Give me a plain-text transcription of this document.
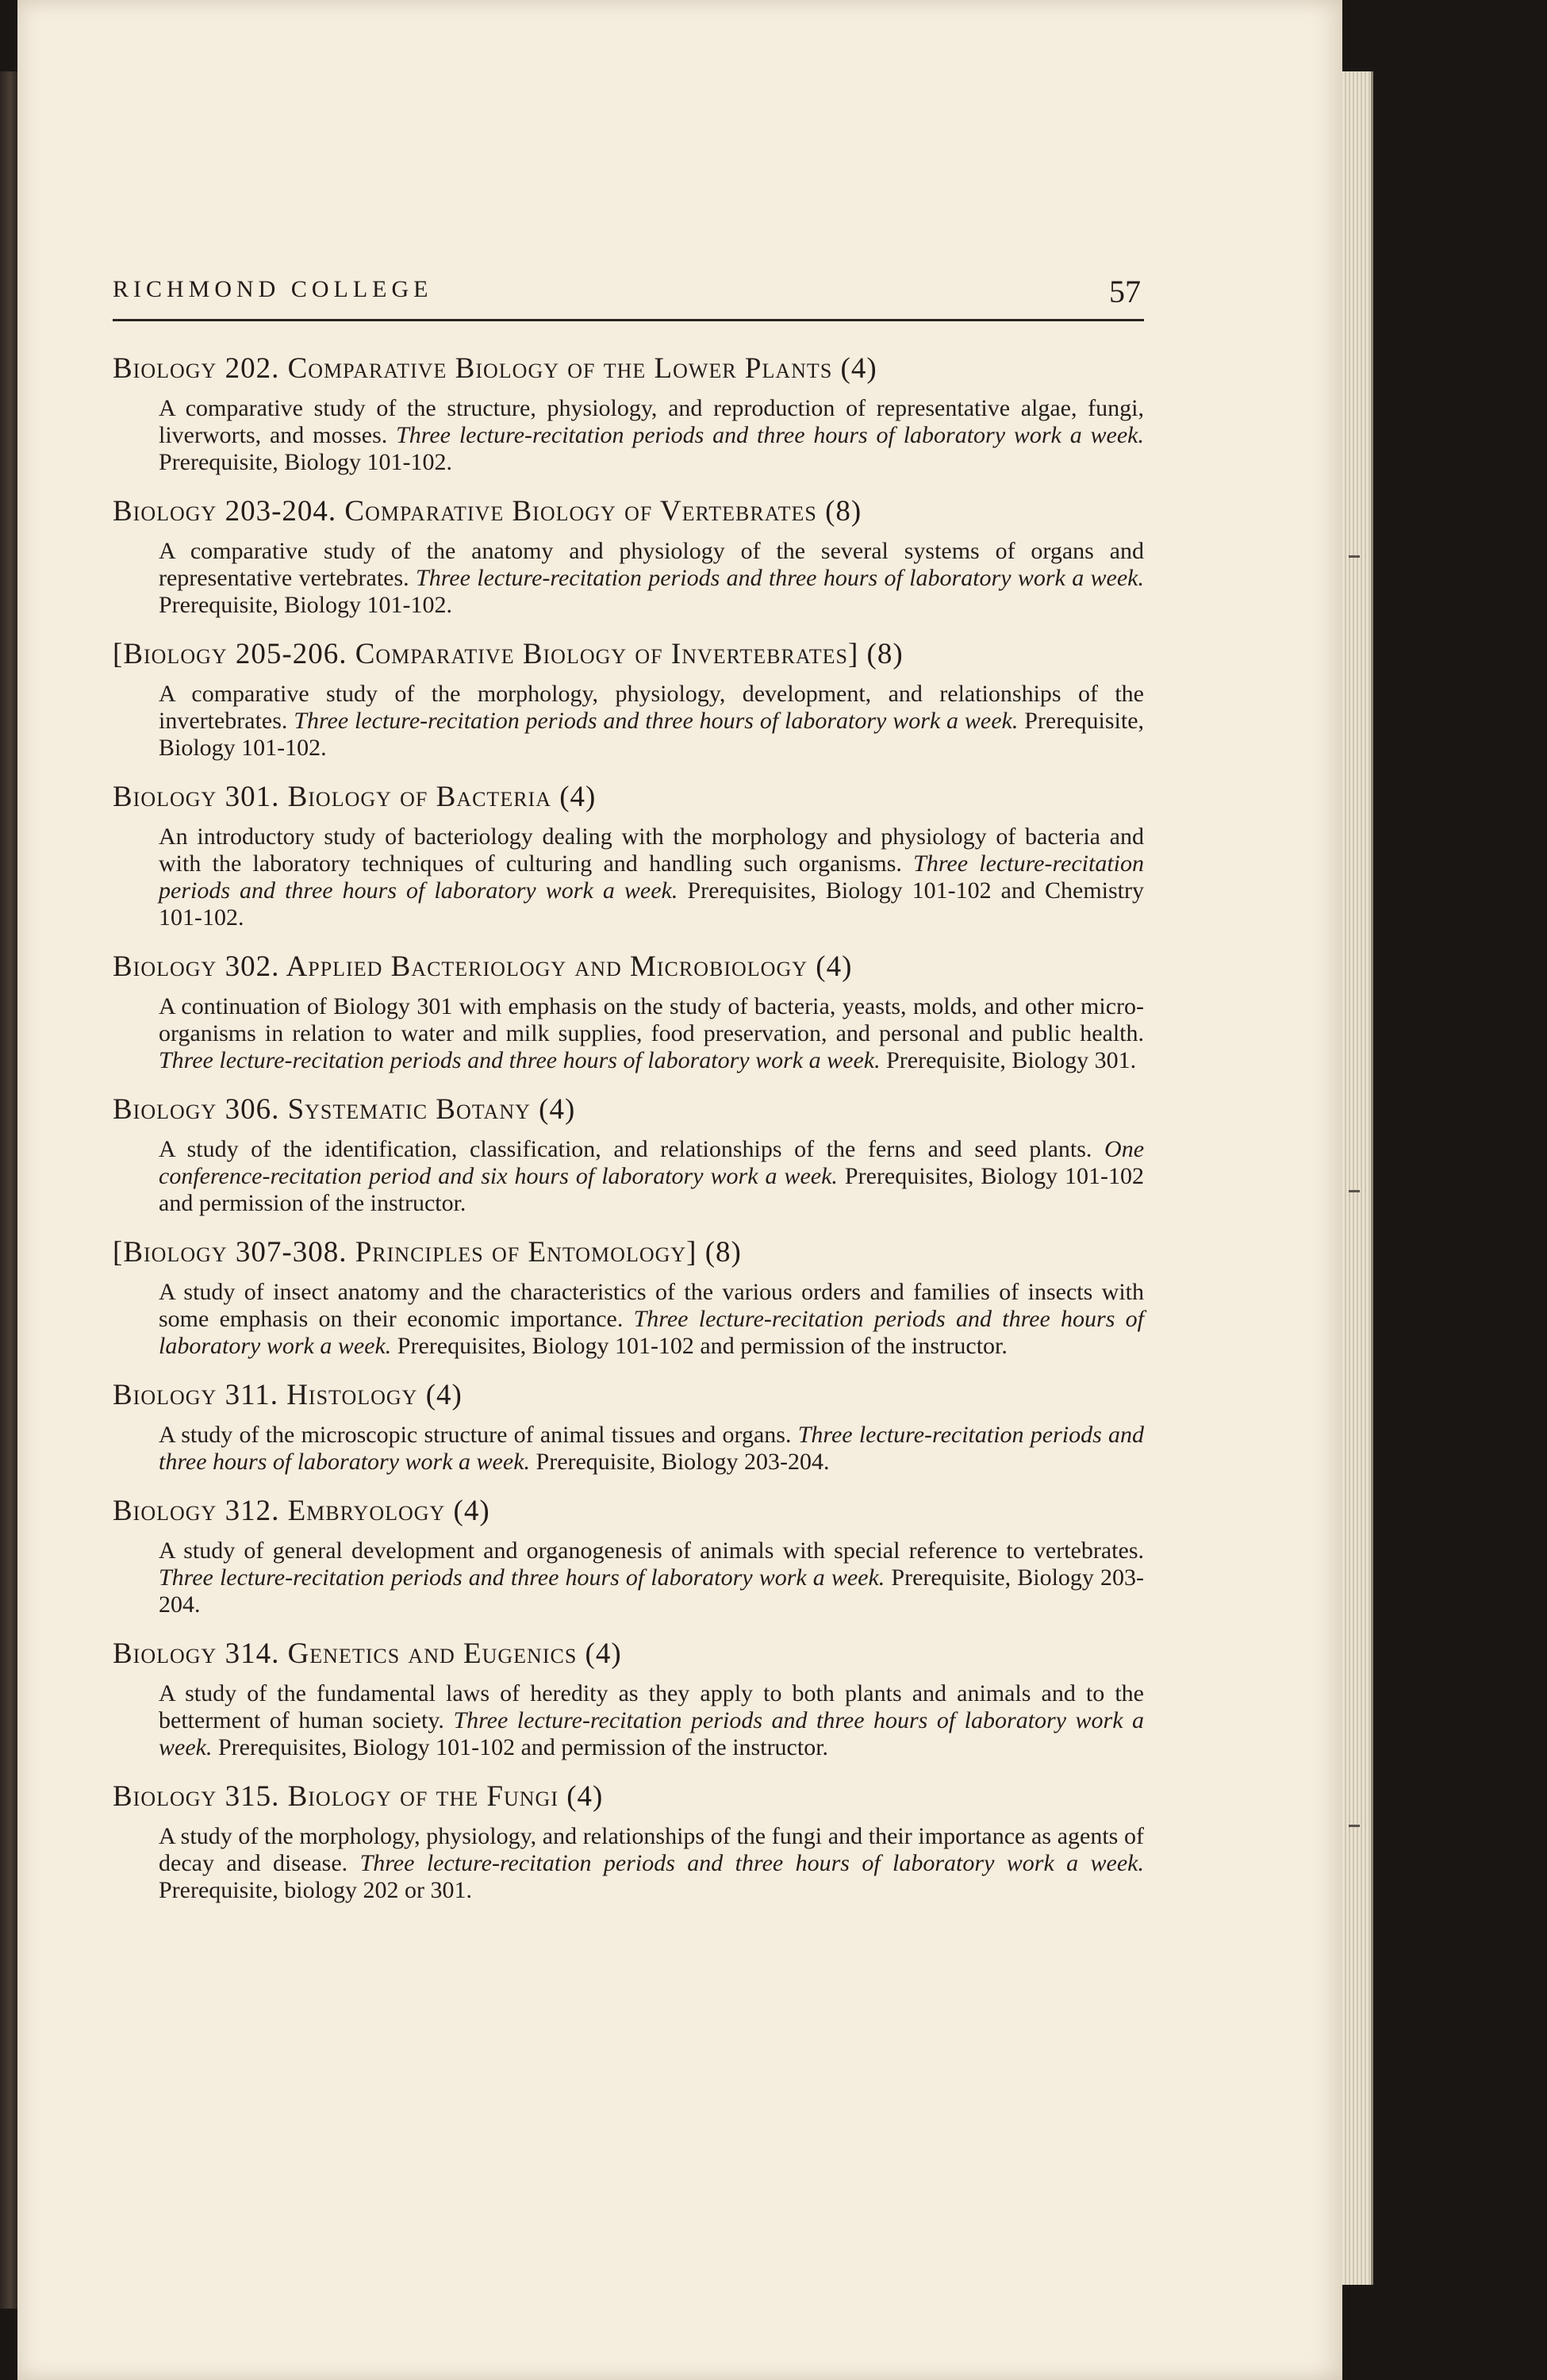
RICHMOND COLLEGE	57
Biology 202. Comparative Biology of the Lower Plants (4)

A comparative study of the structure, physiology, and reproduction of representative algae, fungi, liverworts, and mosses. Three lecture-recitation periods and three hours of laboratory work a week. Prerequisite, Biology 101-102.

Biology 203-204. Comparative Biology of Vertebrates (8)

A comparative study of the anatomy and physiology of the several systems of organs and representative vertebrates. Three lecture-recitation periods and three hours of laboratory work a week. Prerequisite, Biology 101-102.

[Biology 205-206. Comparative Biology of Invertebrates] (8)

A comparative study of the morphology, physiology, development, and relationships of the invertebrates. Three lecture-recitation periods and three hours of laboratory work a week. Prerequisite, Biology 101-102.

Biology 301. Biology of Bacteria (4)

An introductory study of bacteriology dealing with the morphology and physiology of bacteria and with the laboratory techniques of culturing and handling such organisms. Three lecture-recitation periods and three hours of laboratory work a week. Prerequisites, Biology 101-102 and Chemistry 101-102.

Biology 302. Applied Bacteriology and Microbiology (4)

A continuation of Biology 301 with emphasis on the study of bacteria, yeasts, molds, and other micro-organisms in relation to water and milk supplies, food preservation, and personal and public health. Three lecture-recitation periods and three hours of laboratory work a week. Prerequisite, Biology 301.

Biology 306. Systematic Botany (4)

A study of the identification, classification, and relationships of the ferns and seed plants. One conference-recitation period and six hours of laboratory work a week. Prerequisites, Biology 101-102 and permission of the instructor.

[Biology 307-308. Principles of Entomology] (8)

A study of insect anatomy and the characteristics of the various orders and families of insects with some emphasis on their economic importance. Three lecture-recitation periods and three hours of laboratory work a week. Prerequisites, Biology 101-102 and permission of the instructor.

Biology 311. Histology (4)

A study of the microscopic structure of animal tissues and organs. Three lecture-recitation periods and three hours of laboratory work a week. Prerequisite, Biology 203-204.

Biology 312. Embryology (4)

A study of general development and organogenesis of animals with special reference to vertebrates. Three lecture-recitation periods and three hours of laboratory work a week. Prerequisite, Biology 203-204.

Biology 314. Genetics and Eugenics (4)

A study of the fundamental laws of heredity as they apply to both plants and animals and to the betterment of human society. Three lecture-recitation periods and three hours of laboratory work a week. Prerequisites, Biology 101-102 and permission of the instructor.

Biology 315. Biology of the Fungi (4)

A study of the morphology, physiology, and relationships of the fungi and their importance as agents of decay and disease. Three lecture-recitation periods and three hours of laboratory work a week. Prerequisite, biology 202 or 301.
